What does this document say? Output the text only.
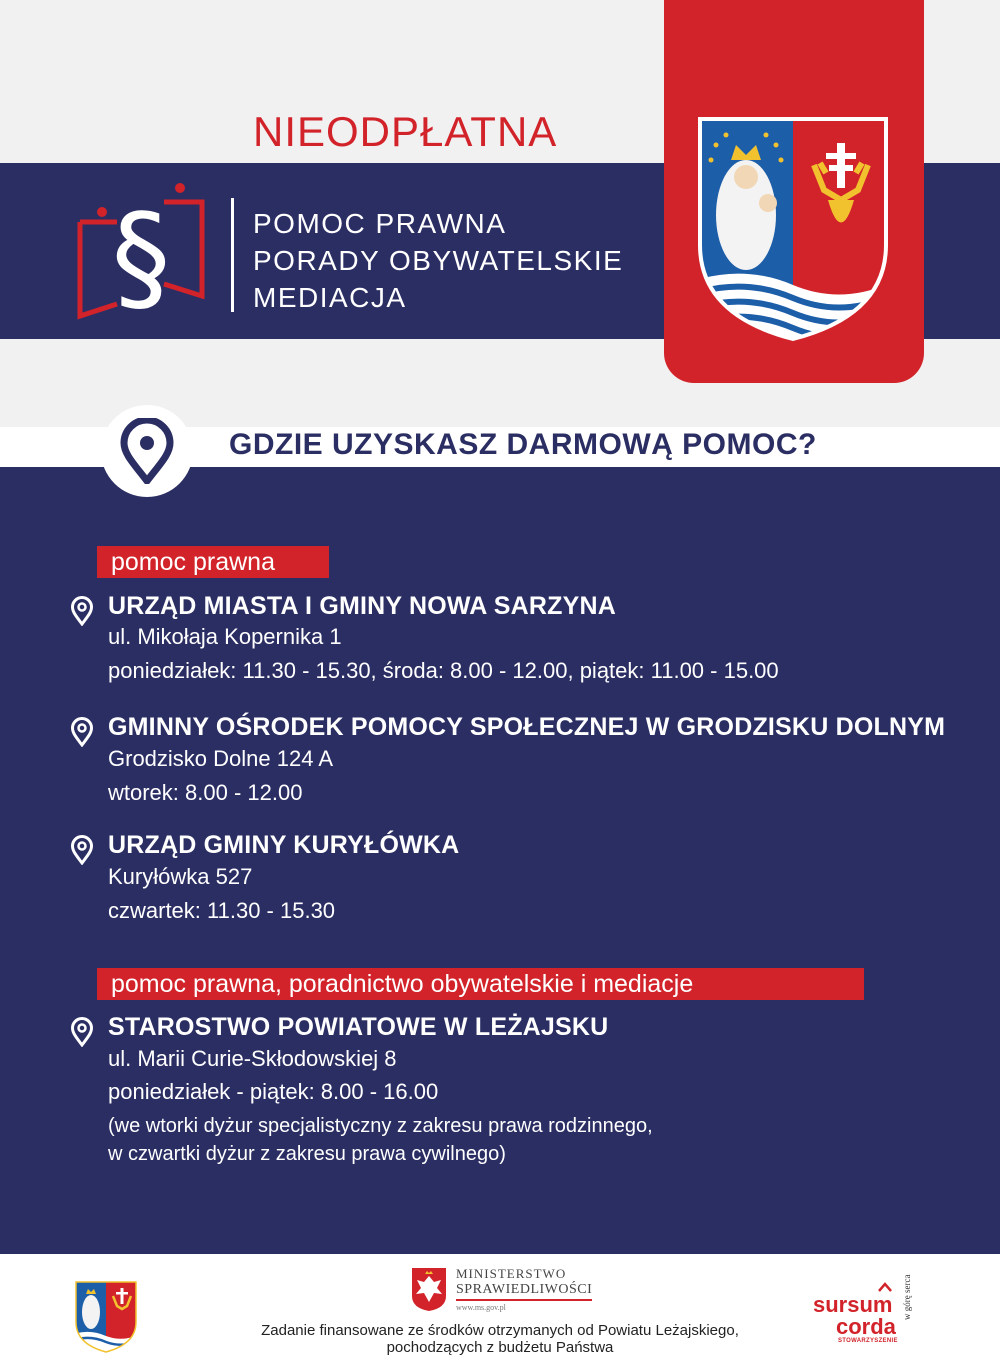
NIEODPŁATNA
§	POMOC PRAWNA
PORADY OBYWATELSKIE
MEDIACJA
GDZIE UZYSKASZ DARMOWĄ POMOC?
pomoc prawna
URZĄD MIASTA I GMINY NOWA SARZYNA
ul. Mikołaja Kopernika 1
poniedziałek: 11.30 - 15.30, środa: 8.00 - 12.00, piątek: 11.00 - 15.00
GMINNY OŚRODEK POMOCY SPOŁECZNEJ W GRODZISKU DOLNYM
Grodzisko Dolne 124 A
wtorek: 8.00 - 12.00
URZĄD GMINY KURYŁÓWKA
Kuryłówka 527
czwartek: 11.30 - 15.30
pomoc prawna, poradnictwo obywatelskie i mediacje
STAROSTWO POWIATOWE W LEŻAJSKU
ul. Marii Curie-Skłodowskiej 8
poniedziałek - piątek: 8.00 - 16.00
(we wtorki dyżur specjalistyczny z zakresu prawa rodzinnego,
w czwartki dyżur z zakresu prawa cywilnego)
MINISTERSTWO
SPRAWIEDLIWOŚCI
www.ms.gov.pl
Zadanie finansowane ze środków otrzymanych od Powiatu Leżajskiego,
pochodzących z budżetu Państwa
sursum
corda
STOWARZYSZENIE
w górę serca
